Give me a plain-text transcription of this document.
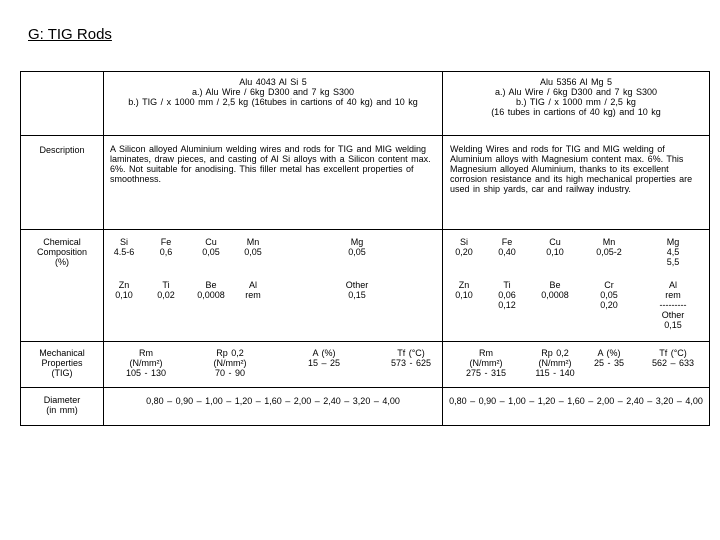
G: TIG Rods
Alu 4043 Al Si 5
a.) Alu Wire / 6kg D300 and 7 kg S300
b.) TIG / x 1000 mm / 2,5 kg (16tubes in cartions of 40 kg) and 10 kg
Alu 5356 Al Mg 5
a.) Alu Wire / 6kg D300 and 7 kg S300
b.) TIG / x 1000 mm / 2,5 kg
(16 tubes in cartions of 40 kg) and 10 kg
Description	A Silicon alloyed Aluminium welding wires and rods for TIG and MIG welding laminates, draw pieces, and casting of Al Si alloys with a Silicon content max. 6%. Not suitable for anodising. This filler metal has excellent properties of smoothness.
Welding Wires and rods for TIG and MIG welding of Aluminium alloys with Magnesium content max. 6%. This Magnesium alloyed Aluminium, thanks to its excellent corrosion resistance and its high mechanical properties are used in ship yards, car and railway industry.
Chemical
Composition
(%)
Si
4.5-6
Fe
0,6
Cu
0,05
Mn
0,05
Mg
0,05
Zn
0,10
Ti
0,02
Be
0,0008
Al
rem
Other
0,15
Si
0,20
Fe
0,40
Cu
0,10
Mn
0,05-2
Mg
4,5
5,5
Zn
0,10
Ti
0,06
0,12
Be
0,0008
Cr
0,05
0,20
Al
rem
---------
Other
0,15
Mechanical
Properties
(TIG)
Rm
(N/mm²)
105 - 130
Rp 0,2
(N/mm²)
70 - 90
A (%)
15 – 25
Tf (°C)
573 - 625
Rm
(N/mm²)
275 - 315
Rp 0,2
(N/mm²)
115 - 140
A (%)
25 - 35
Tf (°C)
562 – 633
Diameter
(in mm)
0,80 – 0,90 – 1,00 – 1,20 – 1,60 – 2,00 – 2,40 – 3,20 – 4,00	0,80 – 0,90 – 1,00 – 1,20 – 1,60 – 2,00 – 2,40 – 3,20 – 4,00
